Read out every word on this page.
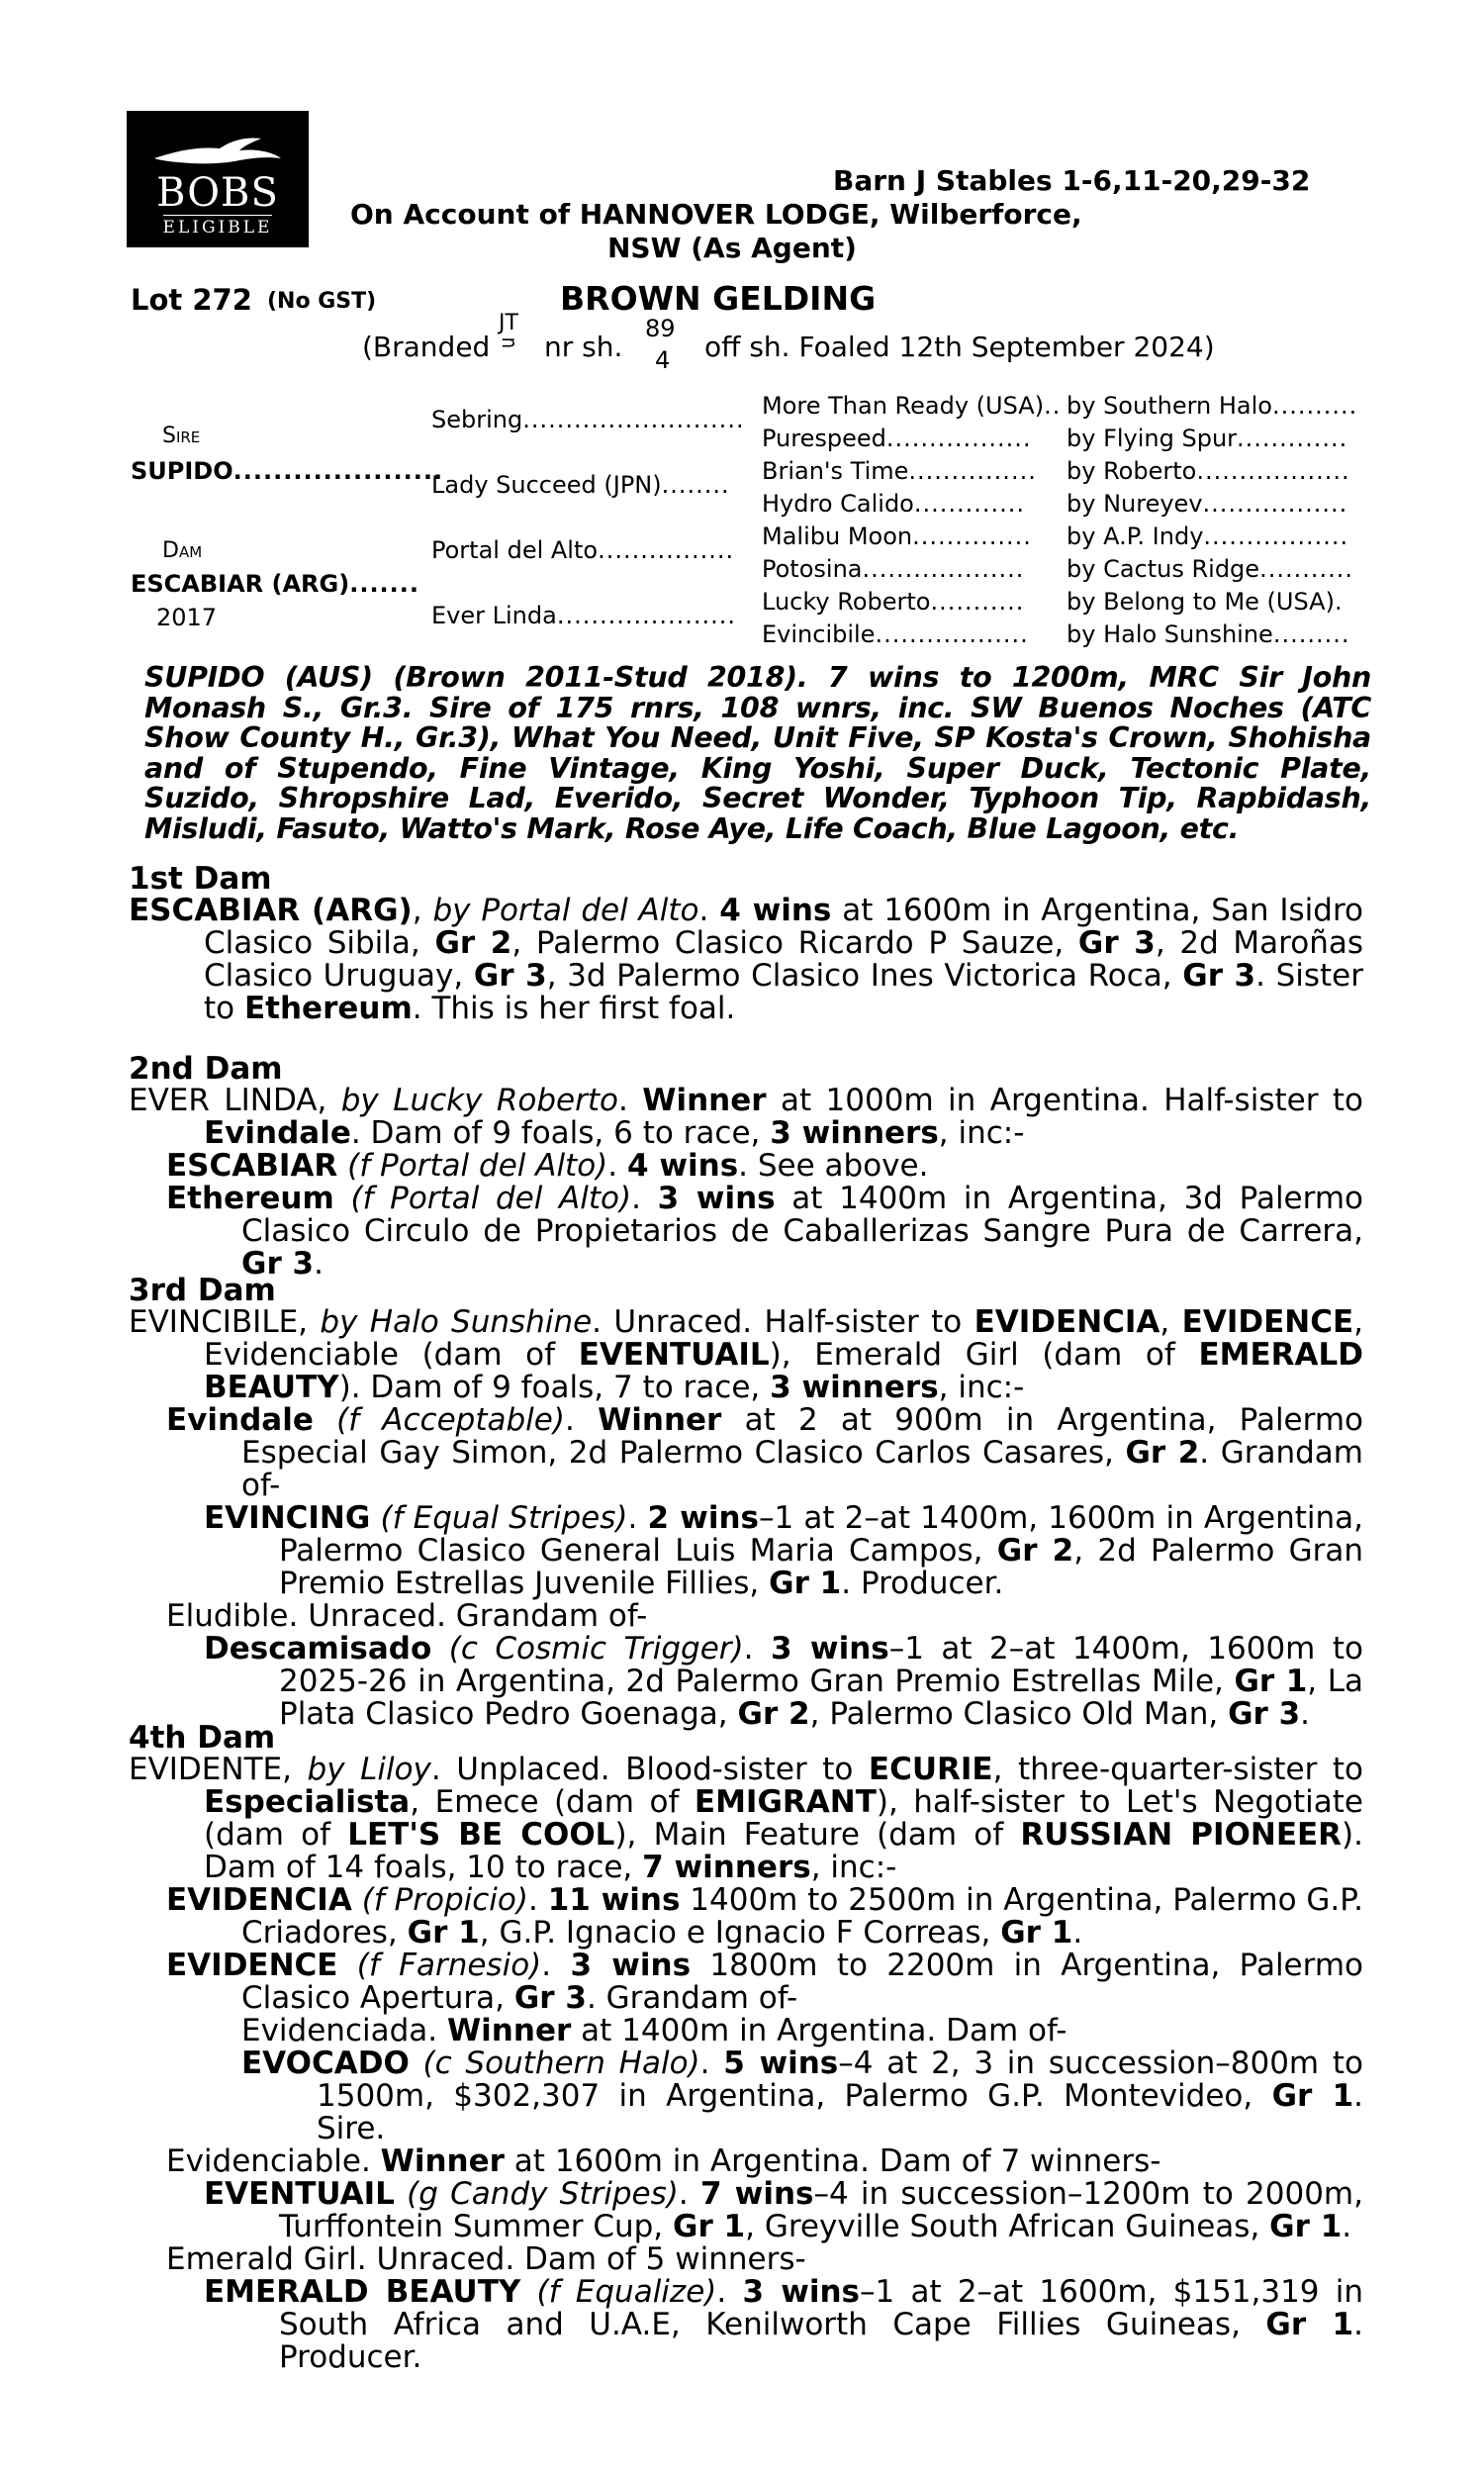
BOBS
ELIGIBLE
Barn J Stables 1-6,11-20,29-32
On Account of HANNOVER LODGE, Wilberforce,
NSW (As Agent)
Lot 272 (No GST)	BROWN GELDING
(Branded
JT
ᴝ nr sh.
89
4 off sh. Foaled 12th September 2024)
Sire
SUPIDO.....................
Dam
ESCABIAR (ARG).......
2017
Sebring..........................
Lady Succeed (JPN)........
Portal del Alto................
Ever Linda.....................
More Than Ready (USA).. by Southern Halo..........
Purespeed................. by Flying Spur.............
Brian's Time............... by Roberto..................
Hydro Calido............. by Nureyev.................
Malibu Moon.............. by A.P. Indy.................
Potosina................... by Cactus Ridge...........
Lucky Roberto........... by Belong to Me (USA).
Evincibile.................. by Halo Sunshine.........
SUPIDO (AUS) (Brown 2011-Stud 2018). 7 wins to 1200m, MRC Sir John Monash S., Gr.3. Sire of 175 rnrs, 108 wnrs, inc. SW Buenos Noches (ATC Show County H., Gr.3), What You Need, Unit Five, SP Kosta's Crown, Shohisha and of Stupendo, Fine Vintage, King Yoshi, Super Duck, Tectonic Plate, Suzido, Shropshire Lad, Everido, Secret Wonder, Typhoon Tip, Rapbidash, Misludi, Fasuto, Watto's Mark, Rose Aye, Life Coach, Blue Lagoon, etc.
1st Dam
ESCABIAR (ARG), by Portal del Alto. 4 wins at 1600m in Argentina, San Isidro Clasico Sibila, Gr 2, Palermo Clasico Ricardo P Sauze, Gr 3, 2d Maroñas Clasico Uruguay, Gr 3, 3d Palermo Clasico Ines Victorica Roca, Gr 3. Sister to Ethereum. This is her first foal.
2nd Dam
EVER LINDA, by Lucky Roberto. Winner at 1000m in Argentina. Half-sister to Evindale. Dam of 9 foals, 6 to race, 3 winners, inc:-
ESCABIAR (f Portal del Alto). 4 wins. See above.
Ethereum (f Portal del Alto). 3 wins at 1400m in Argentina, 3d Palermo Clasico Circulo de Propietarios de Caballerizas Sangre Pura de Carrera, Gr 3.
3rd Dam
EVINCIBILE, by Halo Sunshine. Unraced. Half-sister to EVIDENCIA, EVIDENCE, Evidenciable (dam of EVENTUAIL), Emerald Girl (dam of EMERALD BEAUTY). Dam of 9 foals, 7 to race, 3 winners, inc:-
Evindale (f Acceptable). Winner at 2 at 900m in Argentina, Palermo Especial Gay Simon, 2d Palermo Clasico Carlos Casares, Gr 2. Grandam of-
EVINCING (f Equal Stripes). 2 wins–1 at 2–at 1400m, 1600m in Argentina, Palermo Clasico General Luis Maria Campos, Gr 2, 2d Palermo Gran Premio Estrellas Juvenile Fillies, Gr 1. Producer.
Eludible. Unraced. Grandam of-
Descamisado (c Cosmic Trigger). 3 wins–1 at 2–at 1400m, 1600m to 2025-26 in Argentina, 2d Palermo Gran Premio Estrellas Mile, Gr 1, La Plata Clasico Pedro Goenaga, Gr 2, Palermo Clasico Old Man, Gr 3.
4th Dam
EVIDENTE, by Liloy. Unplaced. Blood-sister to ECURIE, three-quarter-sister to Especialista, Emece (dam of EMIGRANT), half-sister to Let's Negotiate (dam of LET'S BE COOL), Main Feature (dam of RUSSIAN PIONEER). Dam of 14 foals, 10 to race, 7 winners, inc:-
EVIDENCIA (f Propicio). 11 wins 1400m to 2500m in Argentina, Palermo G.P. Criadores, Gr 1, G.P. Ignacio e Ignacio F Correas, Gr 1.
EVIDENCE (f Farnesio). 3 wins 1800m to 2200m in Argentina, Palermo Clasico Apertura, Gr 3. Grandam of-
Evidenciada. Winner at 1400m in Argentina. Dam of-
EVOCADO (c Southern Halo). 5 wins–4 at 2, 3 in succession–800m to 1500m, $302,307 in Argentina, Palermo G.P. Montevideo, Gr 1. Sire.
Evidenciable. Winner at 1600m in Argentina. Dam of 7 winners-
EVENTUAIL (g Candy Stripes). 7 wins–4 in succession–1200m to 2000m, Turffontein Summer Cup, Gr 1, Greyville South African Guineas, Gr 1.
Emerald Girl. Unraced. Dam of 5 winners-
EMERALD BEAUTY (f Equalize). 3 wins–1 at 2–at 1600m, $151,319 in South Africa and U.A.E, Kenilworth Cape Fillies Guineas, Gr 1. Producer.
